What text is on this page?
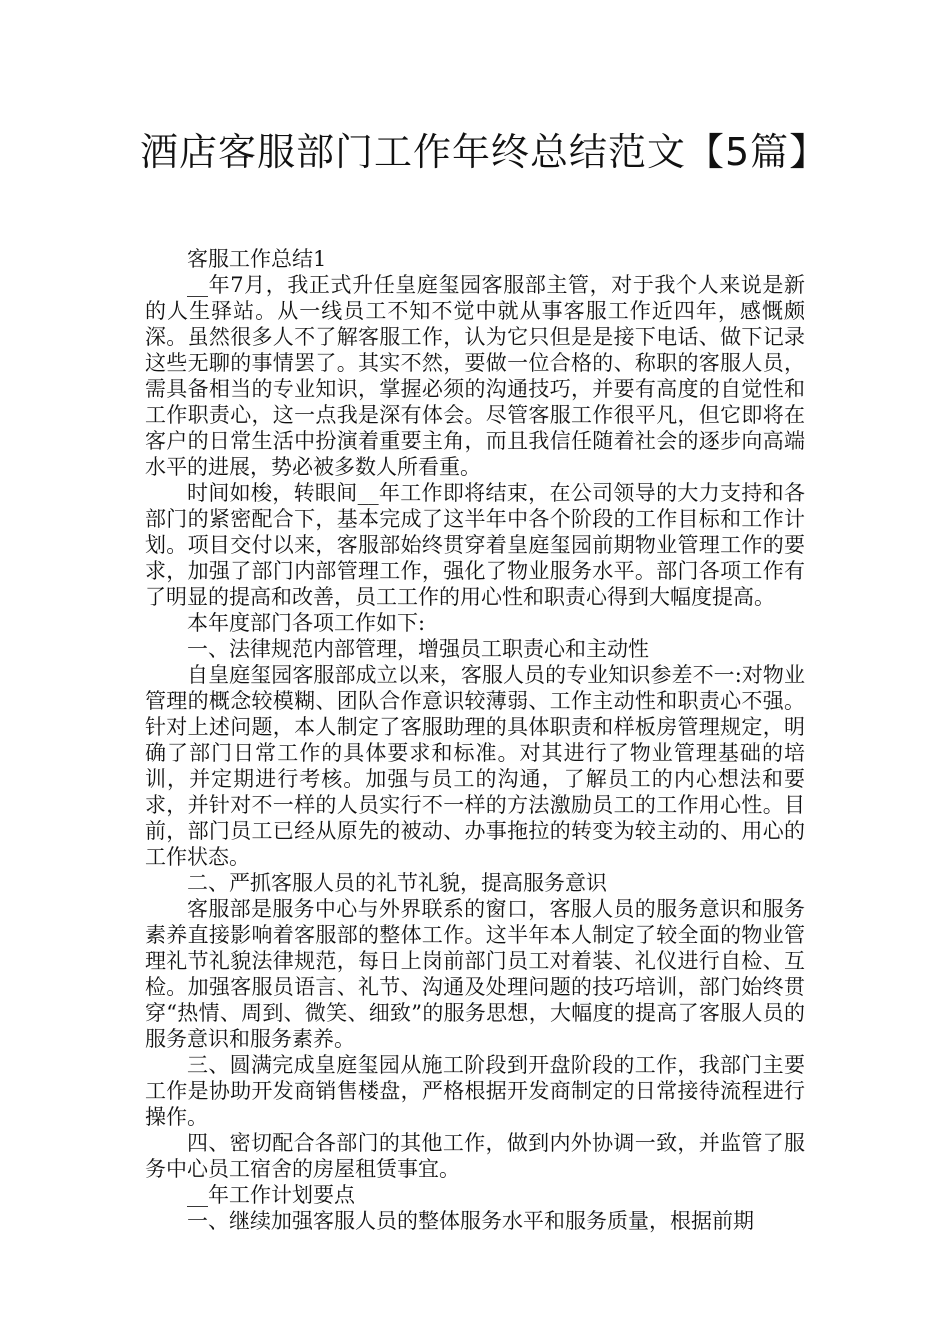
酒店客服部门工作年终总结范文【5篇】

客服工作总结1

__年7月，我正式升任皇庭玺园客服部主管，对于我个人来说是新的人生驿站。从一线员工不知不觉中就从事客服工作近四年，感慨颇深。虽然很多人不了解客服工作，认为它只但是是接下电话、做下记录这些无聊的事情罢了。其实不然，要做一位合格的、称职的客服人员，需具备相当的专业知识，掌握必须的沟通技巧，并要有高度的自觉性和工作职责心，这一点我是深有体会。尽管客服工作很平凡，但它即将在客户的日常生活中扮演着重要主角，而且我信任随着社会的逐步向高端水平的进展，势必被多数人所看重。

时间如梭，转眼间__年工作即将结束，在公司领导的大力支持和各部门的紧密配合下，基本完成了这半年中各个阶段的工作目标和工作计划。项目交付以来，客服部始终贯穿着皇庭玺园前期物业管理工作的要求，加强了部门内部管理工作，强化了物业服务水平。部门各项工作有了明显的提高和改善，员工工作的用心性和职责心得到大幅度提高。

本年度部门各项工作如下:

一、法律规范内部管理，增强员工职责心和主动性

自皇庭玺园客服部成立以来，客服人员的专业知识参差不一:对物业管理的概念较模糊、团队合作意识较薄弱、工作主动性和职责心不强。针对上述问题，本人制定了客服助理的具体职责和样板房管理规定，明确了部门日常工作的具体要求和标准。对其进行了物业管理基础的培训，并定期进行考核。加强与员工的沟通，了解员工的内心想法和要求，并针对不一样的人员实行不一样的方法激励员工的工作用心性。目前，部门员工已经从原先的被动、办事拖拉的转变为较主动的、用心的工作状态。

二、严抓客服人员的礼节礼貌，提高服务意识

客服部是服务中心与外界联系的窗口，客服人员的服务意识和服务素养直接影响着客服部的整体工作。这半年本人制定了较全面的物业管理礼节礼貌法律规范，每日上岗前部门员工对着装、礼仪进行自检、互检。加强客服员语言、礼节、沟通及处理问题的技巧培训，部门始终贯穿“热情、周到、微笑、细致”的服务思想，大幅度的提高了客服人员的服务意识和服务素养。

三、圆满完成皇庭玺园从施工阶段到开盘阶段的工作，我部门主要工作是协助开发商销售楼盘，严格根据开发商制定的日常接待流程进行操作。

四、密切配合各部门的其他工作，做到内外协调一致，并监管了服务中心员工宿舍的房屋租赁事宜。

__年工作计划要点

一、继续加强客服人员的整体服务水平和服务质量，根据前期
